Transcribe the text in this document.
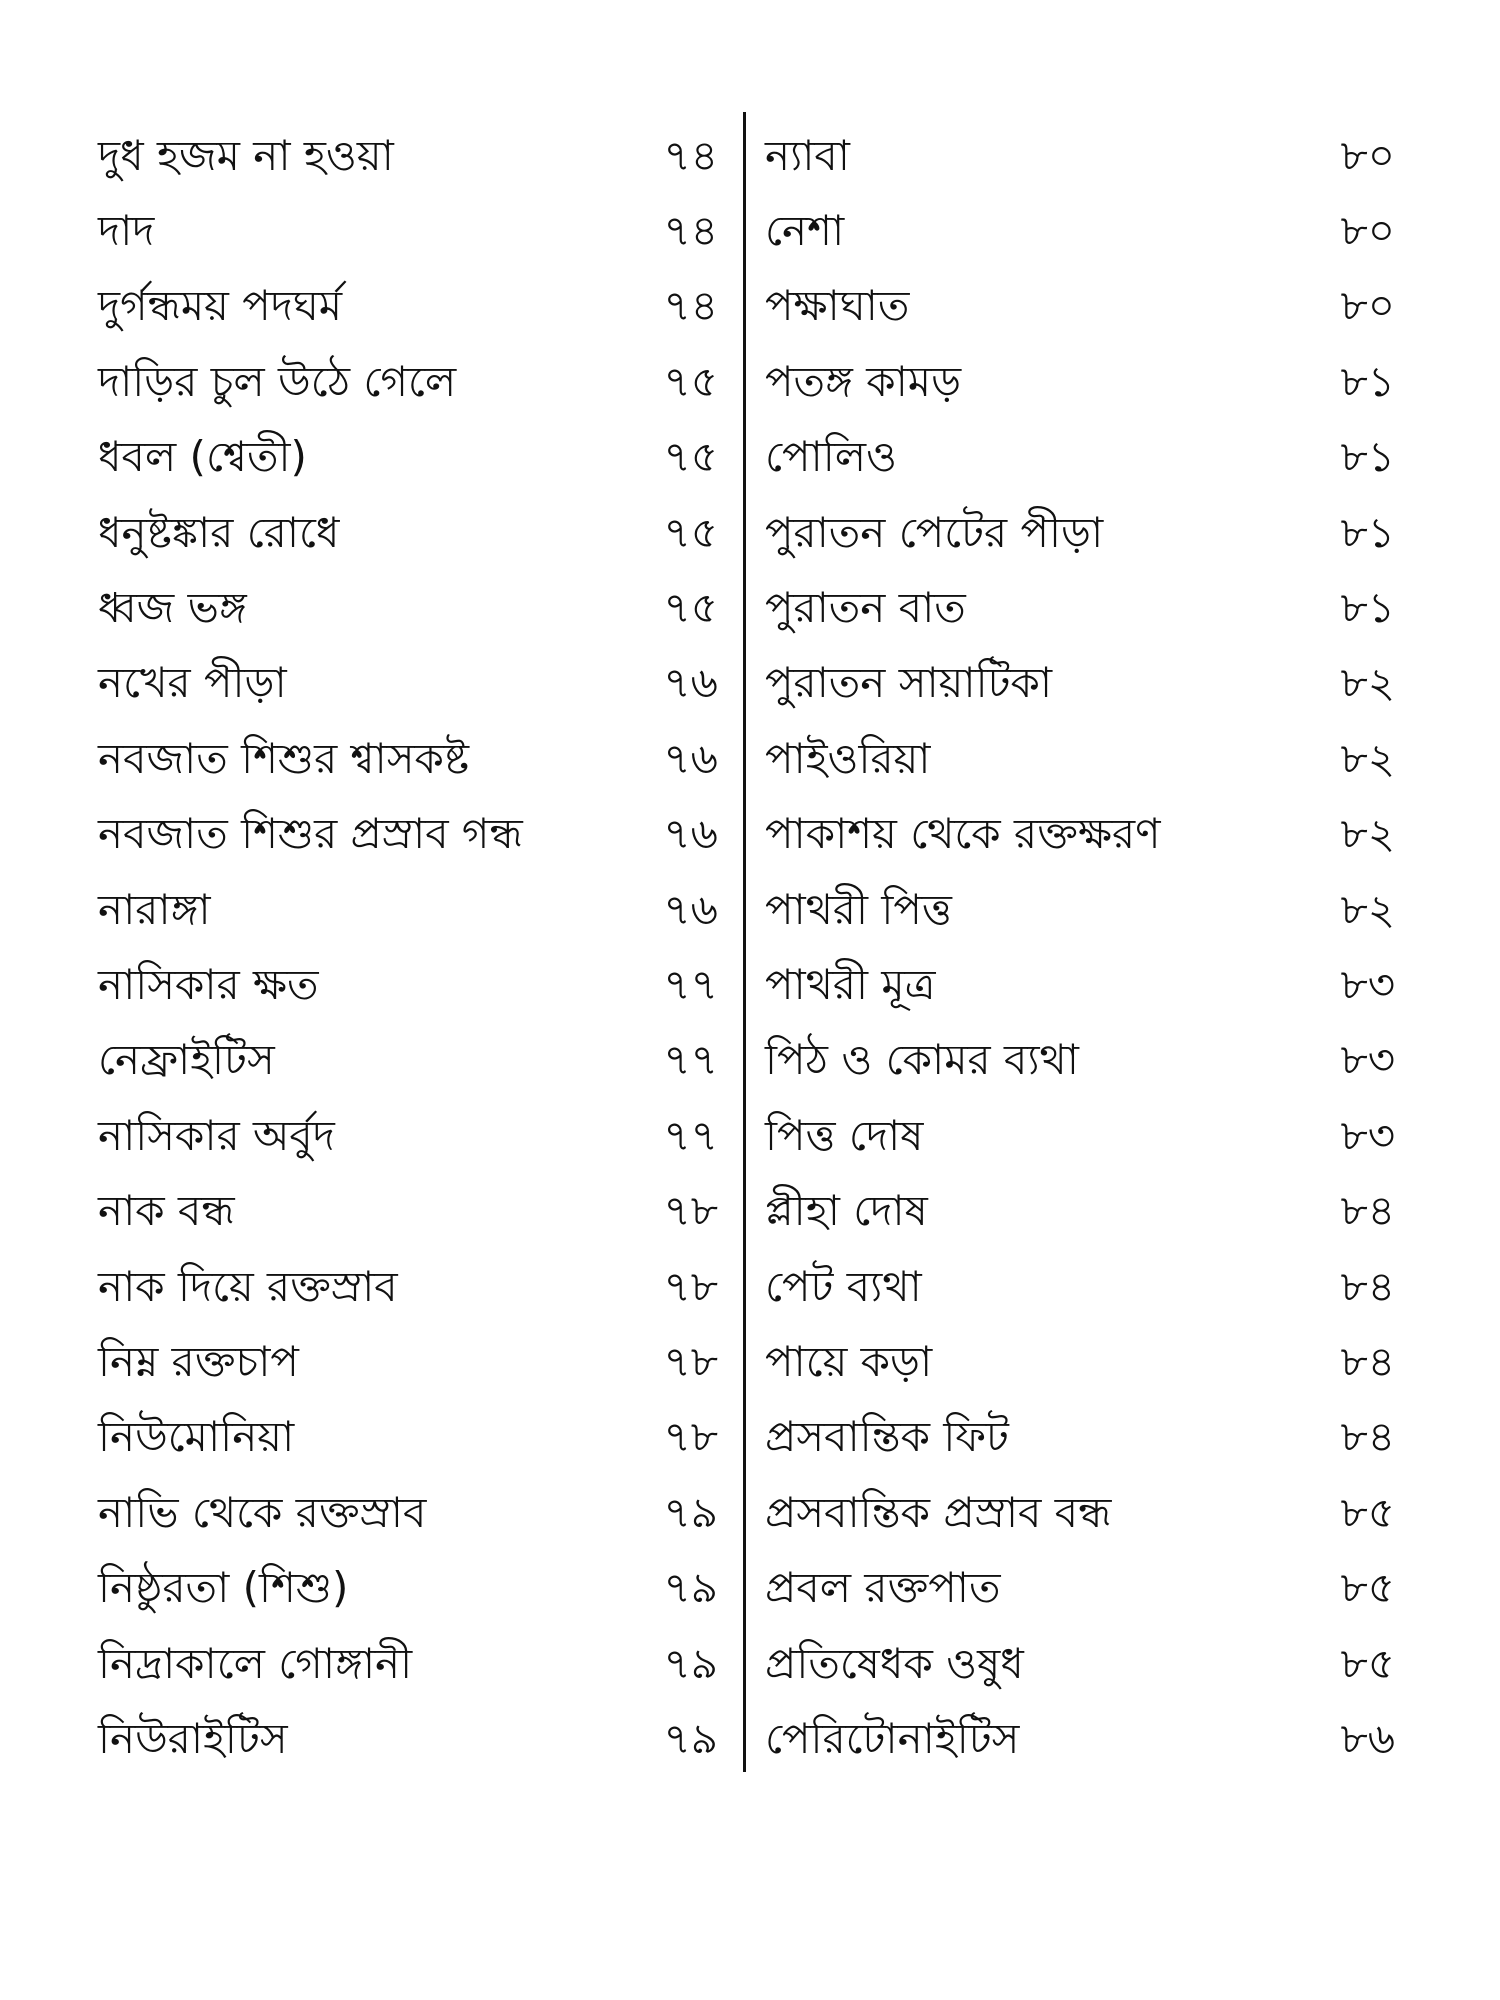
দুধ হজম না হওয়া	৭৪
দাদ	৭৪
দুর্গন্ধময় পদঘর্ম	৭৪
দাড়ির চুল উঠে গেলে	৭৫
ধবল (শ্বেতী)	৭৫
ধনুষ্টঙ্কার রোধে	৭৫
ধ্বজ ভঙ্গ	৭৫
নখের পীড়া	৭৬
নবজাত শিশুর শ্বাসকষ্ট	৭৬
নবজাত শিশুর প্রস্রাব গন্ধ	৭৬
নারাঙ্গা	৭৬
নাসিকার ক্ষত	৭৭
নেফ্রাইটিস	৭৭
নাসিকার অর্বুদ	৭৭
নাক বন্ধ	৭৮
নাক দিয়ে রক্তস্রাব	৭৮
নিম্ন রক্তচাপ	৭৮
নিউমোনিয়া	৭৮
নাভি থেকে রক্তস্রাব	৭৯
নিষ্ঠুরতা (শিশু)	৭৯
নিদ্রাকালে গোঙ্গানী	৭৯
নিউরাইটিস	৭৯
ন্যাবা	৮০
নেশা	৮০
পক্ষাঘাত	৮০
পতঙ্গ কামড়	৮১
পোলিও	৮১
পুরাতন পেটের পীড়া	৮১
পুরাতন বাত	৮১
পুরাতন সায়াটিকা	৮২
পাইওরিয়া	৮২
পাকাশয় থেকে রক্তক্ষরণ	৮২
পাথরী পিত্ত	৮২
পাথরী মূত্র	৮৩
পিঠ ও কোমর ব্যথা	৮৩
পিত্ত দোষ	৮৩
প্লীহা দোষ	৮৪
পেট ব্যথা	৮৪
পায়ে কড়া	৮৪
প্রসবান্তিক ফিট	৮৪
প্রসবান্তিক প্রস্রাব বন্ধ	৮৫
প্রবল রক্তপাত	৮৫
প্রতিষেধক ওষুধ	৮৫
পেরিটোনাইটিস	৮৬
